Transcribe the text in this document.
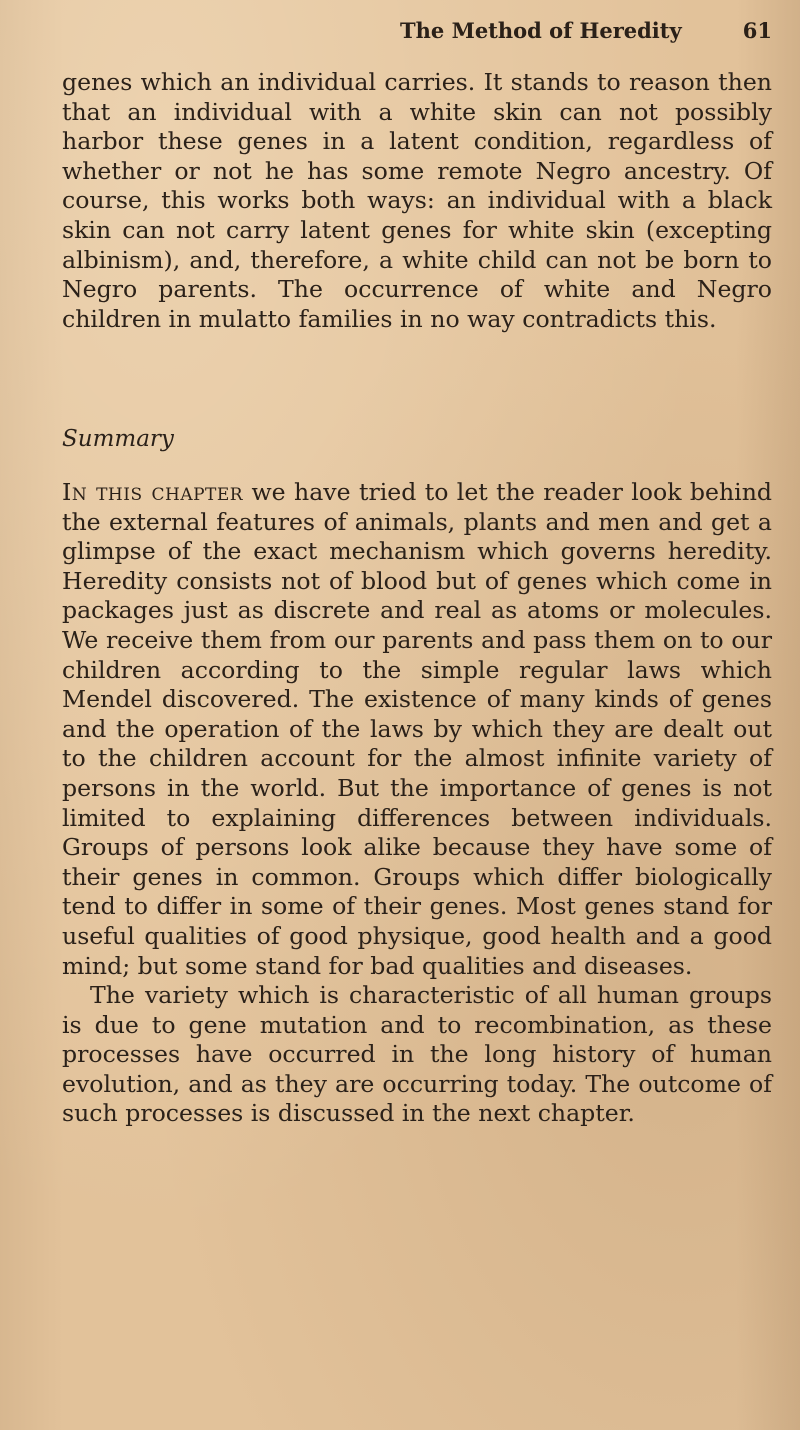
The Method of Heredity	61

genes which an individual carries. It stands to reason then that an individual with a white skin can not possibly harbor these genes in a latent condition, regardless of whether or not he has some remote Negro ancestry. Of course, this works both ways: an individual with a black skin can not carry latent genes for white skin (excepting albinism), and, therefore, a white child can not be born to Negro parents. The occurrence of white and Negro children in mulatto families in no way contradicts this.

Summary

In this chapter we have tried to let the reader look behind the external features of animals, plants and men and get a glimpse of the exact mechanism which governs heredity. Heredity consists not of blood but of genes which come in packages just as discrete and real as atoms or molecules. We receive them from our parents and pass them on to our children according to the simple regular laws which Mendel discovered. The existence of many kinds of genes and the operation of the laws by which they are dealt out to the children account for the almost infinite variety of persons in the world. But the importance of genes is not limited to explaining differences between individuals. Groups of persons look alike because they have some of their genes in common. Groups which differ biologically tend to differ in some of their genes. Most genes stand for useful qualities of good physique, good health and a good mind; but some stand for bad qualities and diseases.

The variety which is characteristic of all human groups is due to gene mutation and to recombination, as these processes have occurred in the long history of human evolution, and as they are occurring today. The outcome of such processes is discussed in the next chapter.
